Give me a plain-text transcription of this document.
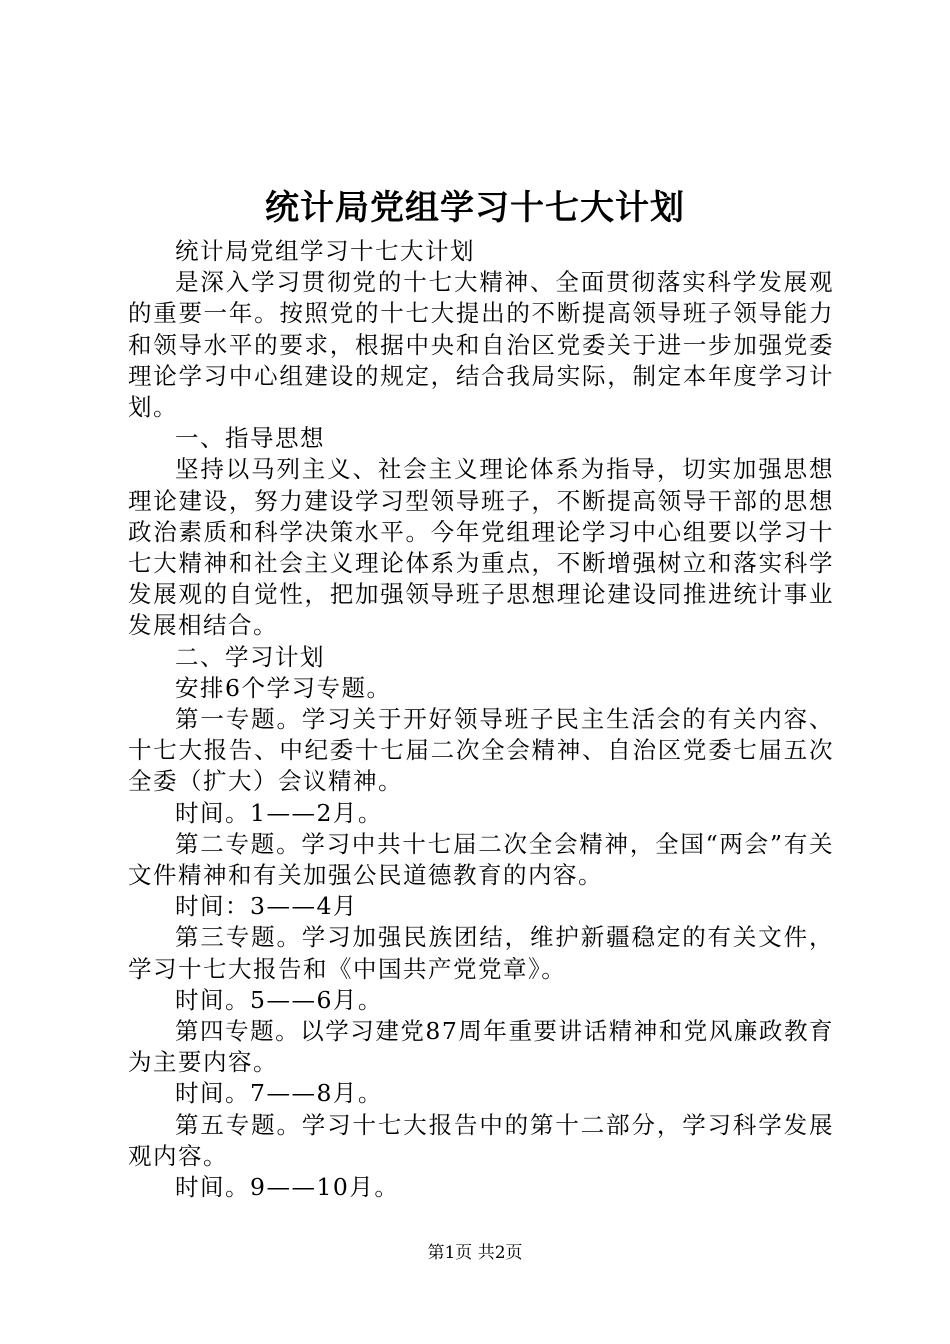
统计局党组学习十七大计划

统计局党组学习十七大计划

是深入学习贯彻党的十七大精神、全面贯彻落实科学发展观的重要一年。按照党的十七大提出的不断提高领导班子领导能力和领导水平的要求，根据中央和自治区党委关于进一步加强党委理论学习中心组建设的规定，结合我局实际，制定本年度学习计划。

一、指导思想

坚持以马列主义、社会主义理论体系为指导，切实加强思想理论建设，努力建设学习型领导班子，不断提高领导干部的思想政治素质和科学决策水平。今年党组理论学习中心组要以学习十七大精神和社会主义理论体系为重点，不断增强树立和落实科学发展观的自觉性，把加强领导班子思想理论建设同推进统计事业发展相结合。

二、学习计划

安排6个学习专题。

第一专题。学习关于开好领导班子民主生活会的有关内容、十七大报告、中纪委十七届二次全会精神、自治区党委七届五次全委（扩大）会议精神。

时间。1——2月。

第二专题。学习中共十七届二次全会精神，全国“两会”有关文件精神和有关加强公民道德教育的内容。

时间：3——4月

第三专题。学习加强民族团结，维护新疆稳定的有关文件，学习十七大报告和《中国共产党党章》。

时间。5——6月。

第四专题。以学习建党87周年重要讲话精神和党风廉政教育为主要内容。

时间。7——8月。

第五专题。学习十七大报告中的第十二部分，学习科学发展观内容。

时间。9——10月。

第1页 共2页
